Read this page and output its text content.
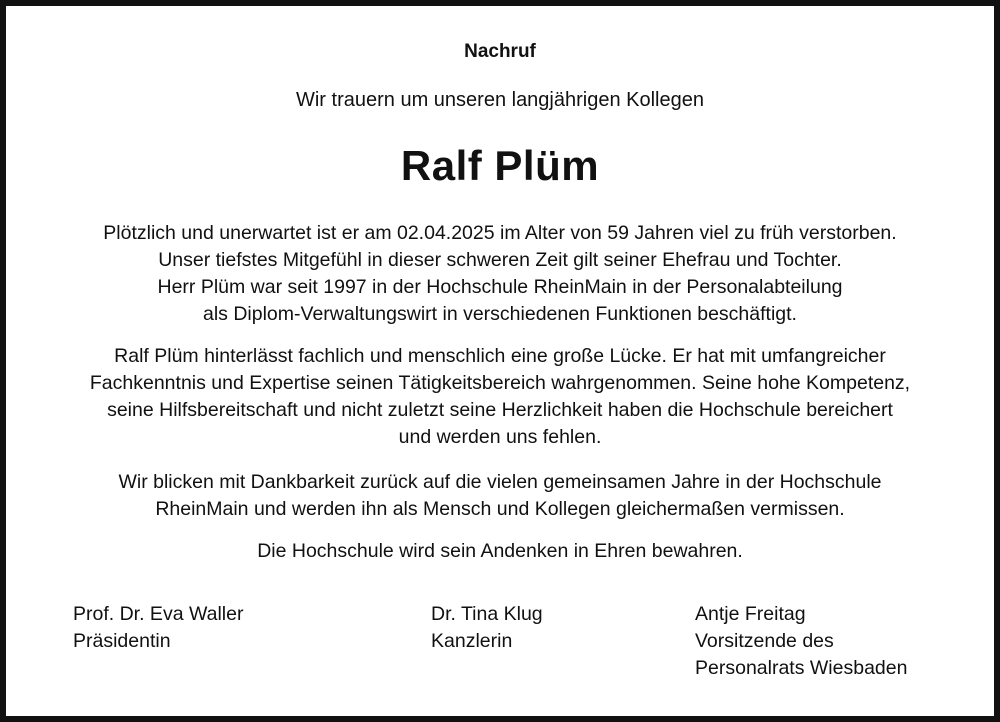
Nachruf
Wir trauern um unseren langjährigen Kollegen
Ralf Plüm
Plötzlich und unerwartet ist er am 02.04.2025 im Alter von 59 Jahren viel zu früh verstorben.
Unser tiefstes Mitgefühl in dieser schweren Zeit gilt seiner Ehefrau und Tochter.
Herr Plüm war seit 1997 in der Hochschule RheinMain in der Personalabteilung
als Diplom-Verwaltungswirt in verschiedenen Funktionen beschäftigt.
Ralf Plüm hinterlässt fachlich und menschlich eine große Lücke. Er hat mit umfangreicher
Fachkenntnis und Expertise seinen Tätigkeitsbereich wahrgenommen. Seine hohe Kompetenz,
seine Hilfsbereitschaft und nicht zuletzt seine Herzlichkeit haben die Hochschule bereichert
und werden uns fehlen.
Wir blicken mit Dankbarkeit zurück auf die vielen gemeinsamen Jahre in der Hochschule
RheinMain und werden ihn als Mensch und Kollegen gleichermaßen vermissen.
Die Hochschule wird sein Andenken in Ehren bewahren.
Prof. Dr. Eva Waller
Präsidentin
Dr. Tina Klug
Kanzlerin
Antje Freitag
Vorsitzende des
Personalrats Wiesbaden
